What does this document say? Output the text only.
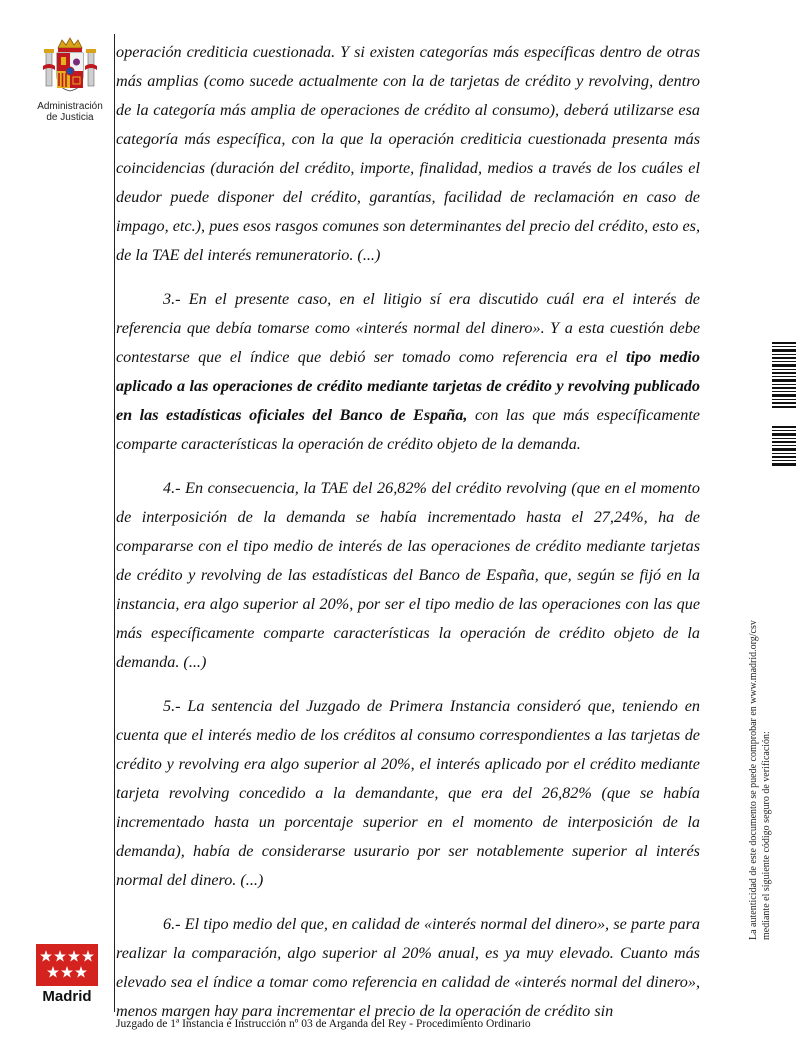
Administración
de Justicia

operación crediticia cuestionada. Y si existen categorías más específicas dentro de otras más amplias (como sucede actualmente con la de tarjetas de crédito y revolving, dentro de la categoría más amplia de operaciones de crédito al consumo), deberá utilizarse esa categoría más específica, con la que la operación crediticia cuestionada presenta más coincidencias (duración del crédito, importe, finalidad, medios a través de los cuáles el deudor puede disponer del crédito, garantías, facilidad de reclamación en caso de impago, etc.), pues esos rasgos comunes son determinantes del precio del crédito, esto es, de la TAE del interés remuneratorio. (...)

3.- En el presente caso, en el litigio sí era discutido cuál era el interés de referencia que debía tomarse como «interés normal del dinero». Y a esta cuestión debe contestarse que el índice que debió ser tomado como referencia era el tipo medio aplicado a las operaciones de crédito mediante tarjetas de crédito y revolving publicado en las estadísticas oficiales del Banco de España, con las que más específicamente comparte características la operación de crédito objeto de la demanda.

4.- En consecuencia, la TAE del 26,82% del crédito revolving (que en el momento de interposición de la demanda se había incrementado hasta el 27,24%, ha de compararse con el tipo medio de interés de las operaciones de crédito mediante tarjetas de crédito y revolving de las estadísticas del Banco de España, que, según se fijó en la instancia, era algo superior al 20%, por ser el tipo medio de las operaciones con las que más específicamente comparte características la operación de crédito objeto de la demanda. (...)

5.- La sentencia del Juzgado de Primera Instancia consideró que, teniendo en cuenta que el interés medio de los créditos al consumo correspondientes a las tarjetas de crédito y revolving era algo superior al 20%, el interés aplicado por el crédito mediante tarjeta revolving concedido a la demandante, que era del 26,82% (que se había incrementado hasta un porcentaje superior en el momento de interposición de la demanda), había de considerarse usurario por ser notablemente superior al interés normal del dinero. (...)

6.- El tipo medio del que, en calidad de «interés normal del dinero», se parte para realizar la comparación, algo superior al 20% anual, es ya muy elevado. Cuanto más elevado sea el índice a tomar como referencia en calidad de «interés normal del dinero», menos margen hay para incrementar el precio de la operación de crédito sin

Madrid
Juzgado de 1ª Instancia e Instrucción nº 03 de Arganda del Rey - Procedimiento Ordinario
La autenticidad de este documento se puede comprobar en www.madrid.org/csv mediante el siguiente código seguro de verificación:
